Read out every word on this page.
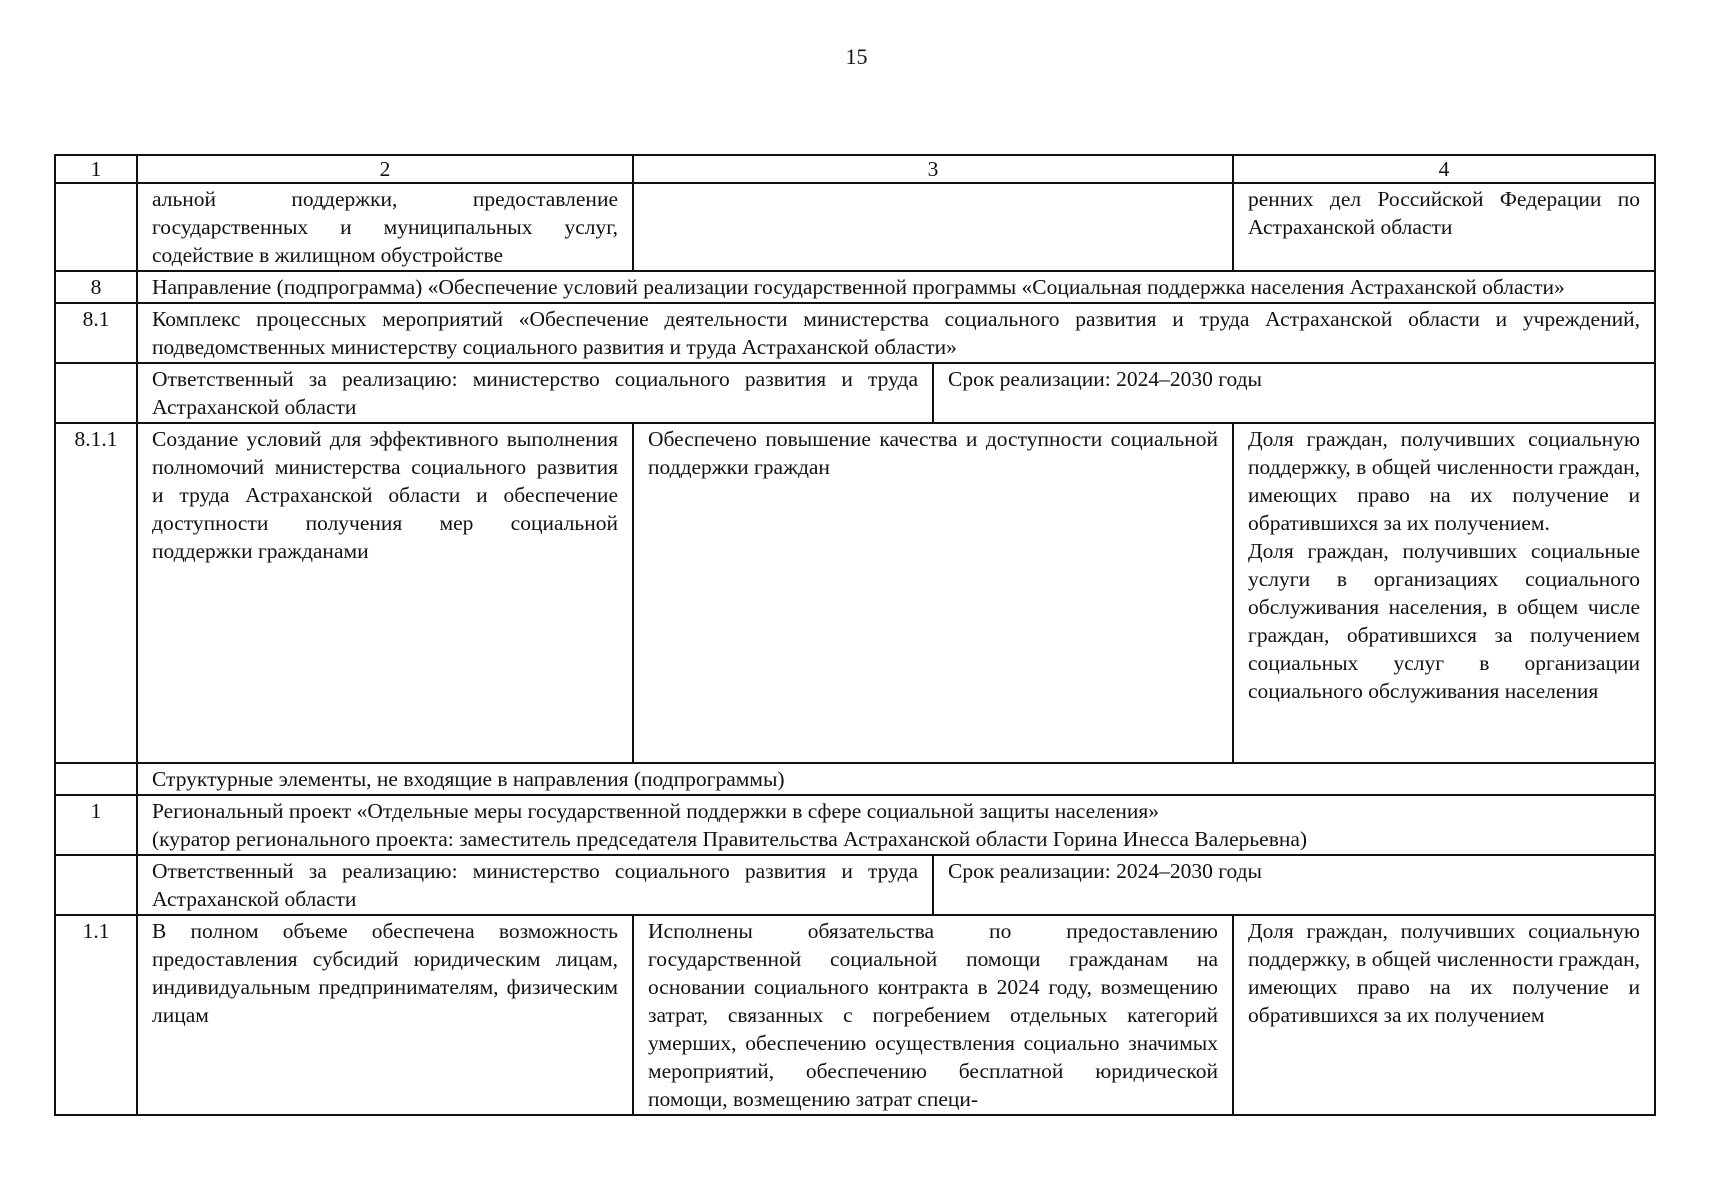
15
1	2	3		4
	альной поддержки, предоставление государственных и муниципальных услуг, содействие в жилищном обустройстве			ренних дел Российской Федерации по Астраханской области
8	Направление (подпрограмма) «Обеспечение условий реализации государственной программы «Социальная поддержка населения Астраханской области»			
8.1	Комплекс процессных мероприятий «Обеспечение деятельности министерства социального развития и труда Астраханской области и учреждений, подведомственных министерству социального развития и труда Астраханской области»			
	Ответственный за реализацию: министерство социального развития и труда Астраханской области		Срок реализации: 2024–2030 годы	
8.1.1	Создание условий для эффективного выполнения полномочий министерства социального развития и труда Астраханской области и обеспечение доступности получения мер социальной поддержки гражданами	Обеспечено повышение качества и доступности социальной поддержки граждан		Доля граждан, получивших социальную поддержку, в общей численности граждан, имеющих право на их получение и обратившихся за их получением.
Доля граждан, получивших социальные услуги в организациях социального обслуживания населения, в общем числе граждан, обратившихся за получением социальных услуг в организации социального обслуживания населения

	Структурные элементы, не входящие в направления (подпрограммы)			
1	Региональный проект «Отдельные меры государственной поддержки в сфере социальной защиты населения»
(куратор регионального проекта: заместитель председателя Правительства Астраханской области Горина Инесса Валерьевна)			

	Ответственный за реализацию: министерство социального развития и труда Астраханской области		Срок реализации: 2024–2030 годы	
1.1	В полном объеме обеспечена возможность предоставления субсидий юридическим лицам, индивидуальным предпринимателям, физическим лицам	Исполнены обязательства по предоставлению государственной социальной помощи гражданам на основании социального контракта в 2024 году, возмещению затрат, связанных с погребением отдельных категорий умерших, обеспечению осуществления социально значимых мероприятий, обеспечению бесплатной юридической помощи, возмещению затрат специ-		Доля граждан, получивших социальную поддержку, в общей численности граждан, имеющих право на их получение и обратившихся за их получением
